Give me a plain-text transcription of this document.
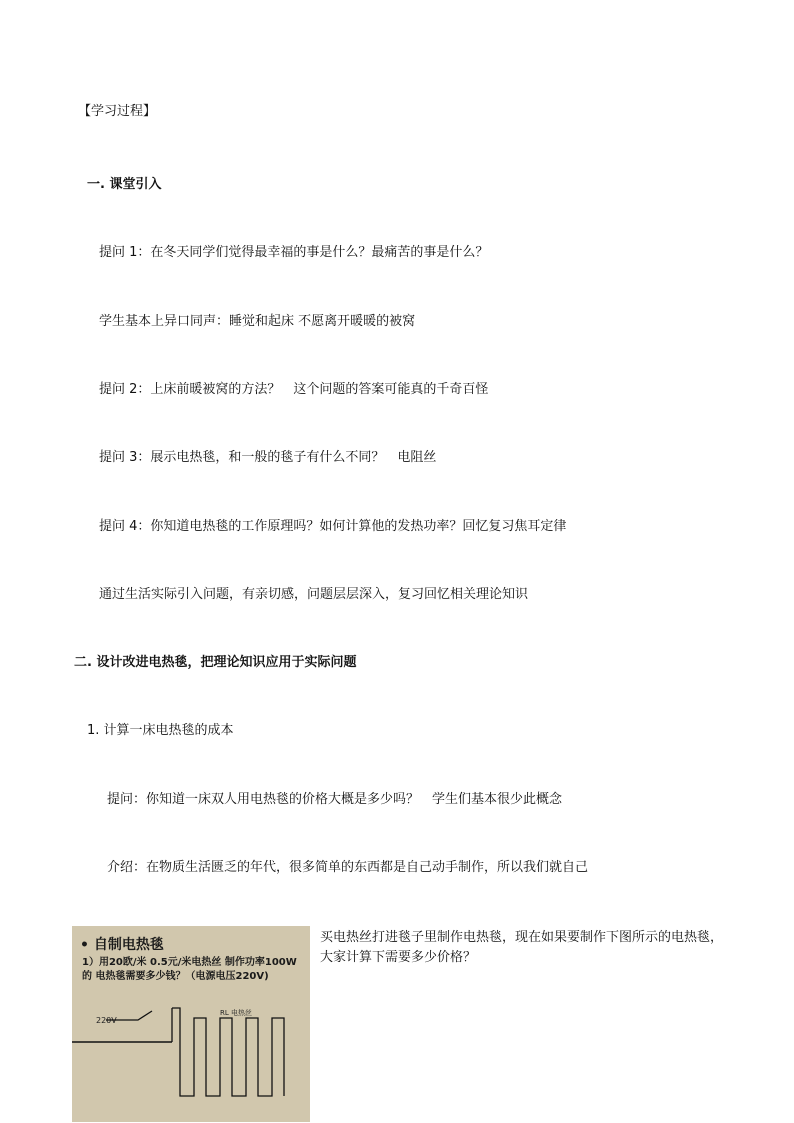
【学习过程】
一. 课堂引入
提问 1：在冬天同学们觉得最幸福的事是什么？最痛苦的事是什么？
学生基本上异口同声：睡觉和起床 不愿离开暖暖的被窝
提问 2：上床前暖被窝的方法？　这个问题的答案可能真的千奇百怪
提问 3：展示电热毯，和一般的毯子有什么不同？　电阻丝
提问 4：你知道电热毯的工作原理吗？如何计算他的发热功率？回忆复习焦耳定律
通过生活实际引入问题，有亲切感，问题层层深入，复习回忆相关理论知识
二. 设计改进电热毯，把理论知识应用于实际问题
1. 计算一床电热毯的成本
提问：你知道一床双人用电热毯的价格大概是多少吗？　学生们基本很少此概念
介绍：在物质生活匮乏的年代，很多简单的东西都是自己动手制作，所以我们就自己
• 自制电热毯
1）用20欧/米 0.5元/米电热丝 制作功率100W的 电热毯需要多少钱？（电源电压220V)
220V
RL 电热丝
买电热丝打进毯子里制作电热毯，现在如果要制作下图所示的电热毯，大家计算下需要多少价格？
